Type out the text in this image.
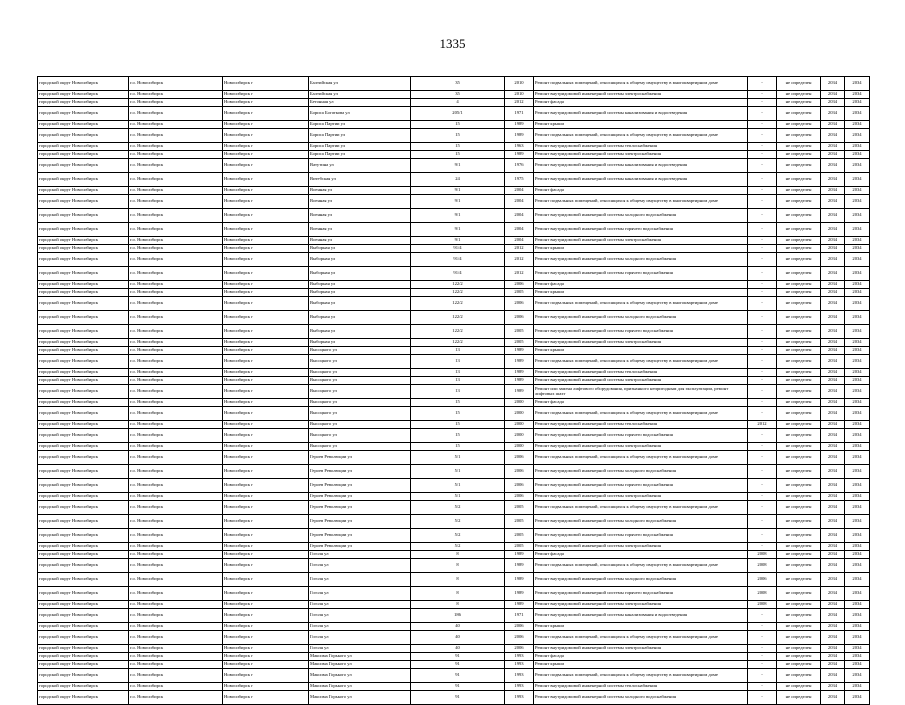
1335
городской округ Новосибирск	г.о. Новосибирск	Новосибирск г	Балтийская ул	35	2010	Ремонт подвальных помещений, относящихся к общему имуществу в многоквартирном доме	-	не определен	2034	2034
городской округ Новосибирск	г.о. Новосибирск	Новосибирск г	Балтийская ул	35	2010	Ремонт внутридомовой инженерной системы электроснабжения	-	не определен	2034	2034
городской округ Новосибирск	г.о. Новосибирск	Новосибирск г	Бетонная ул	4	2012	Ремонт фасада	-	не определен	2034	2034
городской округ Новосибирск	г.о. Новосибирск	Новосибирск г	Бориса Богаткова ул	205/1	1971	Ремонт внутридомовой инженерной системы канализования и водоотведения	-	не определен	2034	2034
городской округ Новосибирск	г.о. Новосибирск	Новосибирск г	Бориса Партии ул	15	1989	Ремонт крыши	-	не определен	2034	2034
городской округ Новосибирск	г.о. Новосибирск	Новосибирск г	Бориса Партии ул	15	1989	Ремонт подвальных помещений, относящихся к общему имуществу в многоквартирном доме	-	не определен	2034	2034
городской округ Новосибирск	г.о. Новосибирск	Новосибирск г	Бориса Партии ул	15	1963	Ремонт внутридомовой инженерной системы теплоснабжения	-	не определен	2034	2034
городской округ Новосибирск	г.о. Новосибирск	Новосибирск г	Бориса Партии ул	15	1989	Ремонт внутридомовой инженерной системы электроснабжения	-	не определен	2034	2034
городской округ Новосибирск	г.о. Новосибирск	Новосибирск г	Ватутина ул	9/1	1976	Ремонт внутридомовой инженерной системы канализования и водоотведения	-	не определен	2034	2034
городской округ Новосибирск	г.о. Новосибирск	Новосибирск г	Витебская ул	24	1975	Ремонт внутридомовой инженерной системы канализования и водоотведения	-	не определен	2034	2034
городской округ Новосибирск	г.о. Новосибирск	Новосибирск г	Военная ул	9/1	2004	Ремонт фасада	-	не определен	2034	2034
городской округ Новосибирск	г.о. Новосибирск	Новосибирск г	Военная ул	9/1	2004	Ремонт подвальных помещений, относящихся к общему имуществу в многоквартирном доме	-	не определен	2034	2034
городской округ Новосибирск	г.о. Новосибирск	Новосибирск г	Военная ул	9/1	2004	Ремонт внутридомовой инженерной системы холодного водоснабжения	-	не определен	2034	2034
городской округ Новосибирск	г.о. Новосибирск	Новосибирск г	Военная ул	9/1	2004	Ремонт внутридомовой инженерной системы горячего водоснабжения	-	не определен	2034	2034
городской округ Новосибирск	г.о. Новосибирск	Новосибирск г	Военная ул	9/1	2004	Ремонт внутридомовой инженерной системы электроснабжения	-	не определен	2034	2034
городской округ Новосибирск	г.о. Новосибирск	Новосибирск г	Выборная ул	91/4	2012	Ремонт крыши	-	не определен	2034	2034
городской округ Новосибирск	г.о. Новосибирск	Новосибирск г	Выборная ул	91/4	2012	Ремонт внутридомовой инженерной системы холодного водоснабжения	-	не определен	2034	2034
городской округ Новосибирск	г.о. Новосибирск	Новосибирск г	Выборная ул	91/4	2012	Ремонт внутридомовой инженерной системы горячего водоснабжения	-	не определен	2034	2034
городской округ Новосибирск	г.о. Новосибирск	Новосибирск г	Выборная ул	122/2	2006	Ремонт фасада	-	не определен	2034	2034
городской округ Новосибирск	г.о. Новосибирск	Новосибирск г	Выборная ул	122/2	2005	Ремонт крыши	-	не определен	2034	2034
городской округ Новосибирск	г.о. Новосибирск	Новосибирск г	Выборная ул	122/2	2006	Ремонт подвальных помещений, относящихся к общему имуществу в многоквартирном доме	-	не определен	2034	2034
городской округ Новосибирск	г.о. Новосибирск	Новосибирск г	Выборная ул	122/2	2006	Ремонт внутридомовой инженерной системы холодного водоснабжения	-	не определен	2034	2034
городской округ Новосибирск	г.о. Новосибирск	Новосибирск г	Выборная ул	122/2	2005	Ремонт внутридомовой инженерной системы горячего водоснабжения	-	не определен	2034	2034
городской округ Новосибирск	г.о. Новосибирск	Новосибирск г	Выборная ул	122/2	2005	Ремонт внутридомовой инженерной системы электроснабжения	-	не определен	2034	2034
городской округ Новосибирск	г.о. Новосибирск	Новосибирск г	Высоцкого ул	13	1989	Ремонт крыши	-	не определен	2034	2034
городской округ Новосибирск	г.о. Новосибирск	Новосибирск г	Высоцкого ул	13	1989	Ремонт подвальных помещений, относящихся к общему имуществу в многоквартирном доме	-	не определен	2034	2034
городской округ Новосибирск	г.о. Новосибирск	Новосибирск г	Высоцкого ул	13	1989	Ремонт внутридомовой инженерной системы теплоснабжения	-	не определен	2034	2034
городской округ Новосибирск	г.о. Новосибирск	Новосибирск г	Высоцкого ул	13	1989	Ремонт внутридомовой инженерной системы электроснабжения	-	не определен	2034	2034
городской округ Новосибирск	г.о. Новосибирск	Новосибирск г	Высоцкого ул	13	1989	Ремонт или замена лифтового оборудования, признанного непригодным для эксплуатации, ремонт лифтовых шахт	-	не определен	2034	2034
городской округ Новосибирск	г.о. Новосибирск	Новосибирск г	Высоцкого ул	15	2000	Ремонт фасада	-	не определен	2034	2034
городской округ Новосибирск	г.о. Новосибирск	Новосибирск г	Высоцкого ул	15	2000	Ремонт подвальных помещений, относящихся к общему имуществу в многоквартирном доме	-	не определен	2034	2034
городской округ Новосибирск	г.о. Новосибирск	Новосибирск г	Высоцкого ул	15	2000	Ремонт внутридомовой инженерной системы теплоснабжения	2012	не определен	2034	2034
городской округ Новосибирск	г.о. Новосибирск	Новосибирск г	Высоцкого ул	15	2000	Ремонт внутридомовой инженерной системы горячего водоснабжения	-	не определен	2034	2034
городской округ Новосибирск	г.о. Новосибирск	Новосибирск г	Высоцкого ул	15	2000	Ремонт внутридомовой инженерной системы электроснабжения	-	не определен	2034	2034
городской округ Новосибирск	г.о. Новосибирск	Новосибирск г	Героев Революции ул	5/1	2006	Ремонт подвальных помещений, относящихся к общему имуществу в многоквартирном доме	-	не определен	2034	2034
городской округ Новосибирск	г.о. Новосибирск	Новосибирск г	Героев Революции ул	5/1	2006	Ремонт внутридомовой инженерной системы холодного водоснабжения	-	не определен	2034	2034
городской округ Новосибирск	г.о. Новосибирск	Новосибирск г	Героев Революции ул	5/1	2006	Ремонт внутридомовой инженерной системы горячего водоснабжения	-	не определен	2034	2034
городской округ Новосибирск	г.о. Новосибирск	Новосибирск г	Героев Революции ул	5/1	2006	Ремонт внутридомовой инженерной системы электроснабжения	-	не определен	2034	2034
городской округ Новосибирск	г.о. Новосибирск	Новосибирск г	Героев Революции ул	5/2	2005	Ремонт подвальных помещений, относящихся к общему имуществу в многоквартирном доме	-	не определен	2034	2034
городской округ Новосибирск	г.о. Новосибирск	Новосибирск г	Героев Революции ул	5/2	2005	Ремонт внутридомовой инженерной системы холодного водоснабжения	-	не определен	2034	2034
городской округ Новосибирск	г.о. Новосибирск	Новосибирск г	Героев Революции ул	5/2	2005	Ремонт внутридомовой инженерной системы горячего водоснабжения	-	не определен	2034	2034
городской округ Новосибирск	г.о. Новосибирск	Новосибирск г	Героев Революции ул	5/2	2005	Ремонт внутридомовой инженерной системы электроснабжения	-	не определен	2034	2034
городской округ Новосибирск	г.о. Новосибирск	Новосибирск г	Гоголя ул	8	1989	Ремонт фасада	2008	не определен	2034	2034
городской округ Новосибирск	г.о. Новосибирск	Новосибирск г	Гоголя ул	8	1989	Ремонт подвальных помещений, относящихся к общему имуществу в многоквартирном доме	2008	не определен	2034	2034
городской округ Новосибирск	г.о. Новосибирск	Новосибирск г	Гоголя ул	8	1989	Ремонт внутридомовой инженерной системы холодного водоснабжения	2006	не определен	2034	2034
городской округ Новосибирск	г.о. Новосибирск	Новосибирск г	Гоголя ул	8	1989	Ремонт внутридомовой инженерной системы горячего водоснабжения	2008	не определен	2034	2034
городской округ Новосибирск	г.о. Новосибирск	Новосибирск г	Гоголя ул	8	1989	Ремонт внутридомовой инженерной системы электроснабжения	2008	не определен	2034	2034
городской округ Новосибирск	г.о. Новосибирск	Новосибирск г	Гоголя ул	186	1971	Ремонт внутридомовой инженерной системы канализования и водоотведения	-	не определен	2034	2034
городской округ Новосибирск	г.о. Новосибирск	Новосибирск г	Гоголя ул	40	2006	Ремонт крыши	-	не определен	2034	2034
городской округ Новосибирск	г.о. Новосибирск	Новосибирск г	Гоголя ул	40	2006	Ремонт подвальных помещений, относящихся к общему имуществу в многоквартирном доме	-	не определен	2034	2034
городской округ Новосибирск	г.о. Новосибирск	Новосибирск г	Гоголя ул	40	2006	Ремонт внутридомовой инженерной системы электроснабжения	-	не определен	2034	2034
городской округ Новосибирск	г.о. Новосибирск	Новосибирск г	Максима Горького ул	91	1993	Ремонт фасада	-	не определен	2034	2034
городской округ Новосибирск	г.о. Новосибирск	Новосибирск г	Максима Горького ул	91	1993	Ремонт крыши	-	не определен	2034	2034
городской округ Новосибирск	г.о. Новосибирск	Новосибирск г	Максима Горького ул	91	1993	Ремонт подвальных помещений, относящихся к общему имуществу в многоквартирном доме	-	не определен	2034	2034
городской округ Новосибирск	г.о. Новосибирск	Новосибирск г	Максима Горького ул	91	1993	Ремонт внутридомовой инженерной системы теплоснабжения	-	не определен	2034	2034
городской округ Новосибирск	г.о. Новосибирск	Новосибирск г	Максима Горького ул	91	1993	Ремонт внутридомовой инженерной системы холодного водоснабжения	-	не определен	2034	2034
